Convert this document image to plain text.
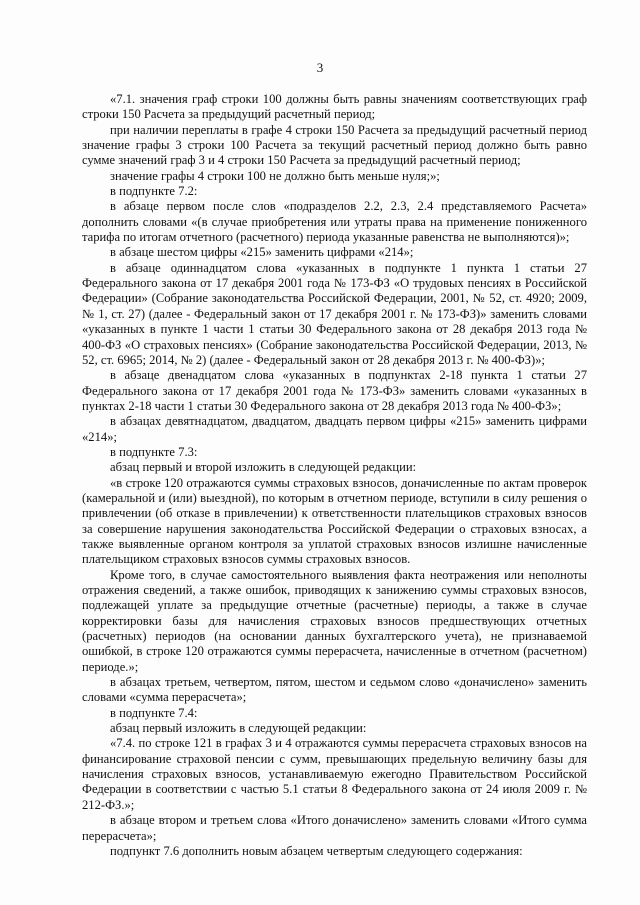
3

«7.1. значения граф строки 100 должны быть равны значениям соответствующих граф строки 150 Расчета за предыдущий расчетный период;

при наличии переплаты в графе 4 строки 150 Расчета за предыдущий расчетный период значение графы 3 строки 100 Расчета за текущий расчетный период должно быть равно сумме значений граф 3 и 4 строки 150 Расчета за предыдущий расчетный период;

значение графы 4 строки 100 не должно быть меньше нуля;»;

в подпункте 7.2:

в абзаце первом после слов «подразделов 2.2, 2.3, 2.4 представляемого Расчета» дополнить словами «(в случае приобретения или утраты права на применение пониженного тарифа по итогам отчетного (расчетного) периода указанные равенства не выполняются)»;

в абзаце шестом цифры «215» заменить цифрами «214»;

в абзаце одиннадцатом слова «указанных в подпункте 1 пункта 1 статьи 27 Федерального закона от 17 декабря 2001 года № 173-ФЗ «О трудовых пенсиях в Российской Федерации» (Собрание законодательства Российской Федерации, 2001, № 52, ст. 4920; 2009, № 1, ст. 27) (далее - Федеральный закон от 17 декабря 2001 г. № 173-ФЗ)» заменить словами «указанных в пункте 1 части 1 статьи 30 Федерального закона от 28 декабря 2013 года № 400-ФЗ «О страховых пенсиях» (Собрание законодательства Российской Федерации, 2013, № 52, ст. 6965; 2014, № 2) (далее - Федеральный закон от 28 декабря 2013 г. № 400-ФЗ)»;

в абзаце двенадцатом слова «указанных в подпунктах 2-18 пункта 1 статьи 27 Федерального закона от 17 декабря 2001 года № 173-ФЗ» заменить словами «указанных в пунктах 2-18 части 1 статьи 30 Федерального закона от 28 декабря 2013 года № 400-ФЗ»;

в абзацах девятнадцатом, двадцатом, двадцать первом цифры «215» заменить цифрами «214»;

в подпункте 7.3:

абзац первый и второй изложить в следующей редакции:

«в строке 120 отражаются суммы страховых взносов, доначисленные по актам проверок (камеральной и (или) выездной), по которым в отчетном периоде, вступили в силу решения о привлечении (об отказе в привлечении) к ответственности плательщиков страховых взносов за совершение нарушения законодательства Российской Федерации о страховых взносах, а также выявленные органом контроля за уплатой страховых взносов излишне начисленные плательщиком страховых взносов суммы страховых взносов.

Кроме того, в случае самостоятельного выявления факта неотражения или неполноты отражения сведений, а также ошибок, приводящих к занижению суммы страховых взносов, подлежащей уплате за предыдущие отчетные (расчетные) периоды, а также в случае корректировки базы для начисления страховых взносов предшествующих отчетных (расчетных) периодов (на основании данных бухгалтерского учета), не признаваемой ошибкой, в строке 120 отражаются суммы перерасчета, начисленные в отчетном (расчетном) периоде.»;

в абзацах третьем, четвертом, пятом, шестом и седьмом слово «доначислено» заменить словами «сумма перерасчета»;

в подпункте 7.4:

абзац первый изложить в следующей редакции:

«7.4. по строке 121 в графах 3 и 4 отражаются суммы перерасчета страховых взносов на финансирование страховой пенсии с сумм, превышающих предельную величину базы для начисления страховых взносов, устанавливаемую ежегодно Правительством Российской Федерации в соответствии с частью 5.1 статьи 8 Федерального закона от 24 июля 2009 г. № 212-ФЗ.»;

в абзаце втором и третьем слова «Итого доначислено» заменить словами «Итого сумма перерасчета»;

подпункт 7.6 дополнить новым абзацем четвертым следующего содержания:
